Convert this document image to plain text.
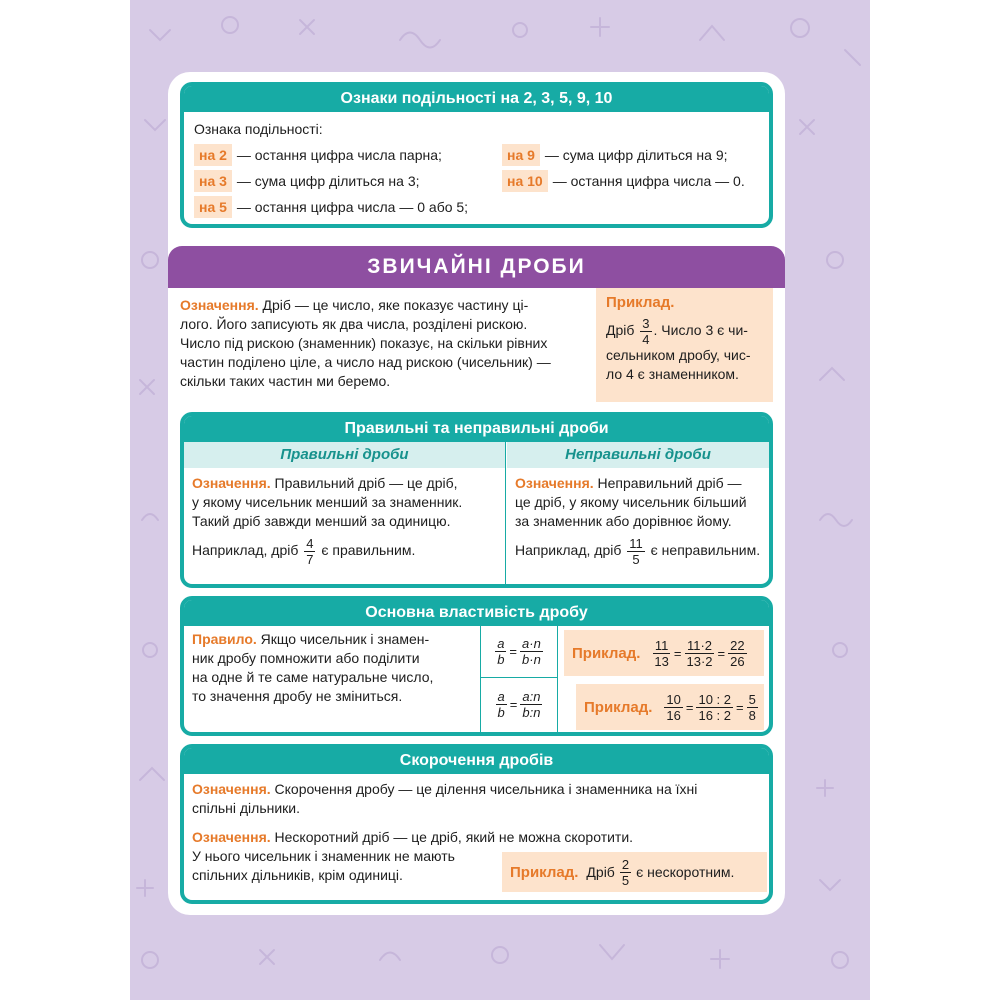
Ознаки подільності на 2, 3, 5, 9, 10
Ознака подільності:
на 2 — остання цифра числа парна;
на 3 — сума цифр ділиться на 3;
на 5 — остання цифра числа — 0 або 5;
на 9 — сума цифр ділиться на 9;
на 10 — остання цифра числа — 0.
ЗВИЧАЙНІ ДРОБИ
Означення. Дріб — це число, яке показує частину ці-
лого. Його записують як два числа, розділені рискою.
Число під рискою (знаменник) показує, на скільки рівних
частин поділено ціле, а число над рискою (чисельник) —
скільки таких частин ми беремо.
Приклад.
Дріб $\frac{3}{4}$ . Число 3 є чи-
сельником дробу, чис-
ло 4 є знаменником.
Правильні та неправильні дроби
Правильні дроби
Означення. Правильний дріб — це дріб,
у якому чисельник менший за знаменник.
Такий дріб завжди менший за одиницю.
Наприклад, дріб $\frac{4}{7}$ є правильним.
Неправильні дроби
Означення. Неправильний дріб —
це дріб, у якому чисельник більший
за знаменник або дорівнює йому.
Наприклад, дріб $\frac{11}{5}$ є неправильним.
Основна властивість дробу
Правило. Якщо чисельник і знамен-
ник дробу помножити або поділити
на одне й те саме натуральне число,
то значення дробу не зміниться.
$\frac{a}{b} = \frac{a\cdot n}{b\cdot n}$
$\frac{a}{b} = \frac{a:n}{b:n}$
Приклад. $\frac{11}{13} = \frac{11\cdot 2}{13\cdot 2} = \frac{22}{26}$
Приклад. $\frac{10}{16} = \frac{10 : 2}{16 : 2} = \frac{5}{8}$
Скорочення дробів
Означення. Скорочення дробу — це ділення чисельника і знаменника на їхні
спільні дільники.
Означення. Нескоротний дріб — це дріб, який не можна скоротити.
У нього чисельник і знаменник не мають
спільних дільників, крім одиниці.	Приклад. Дріб $\frac{2}{5}$ є нескоротним.
